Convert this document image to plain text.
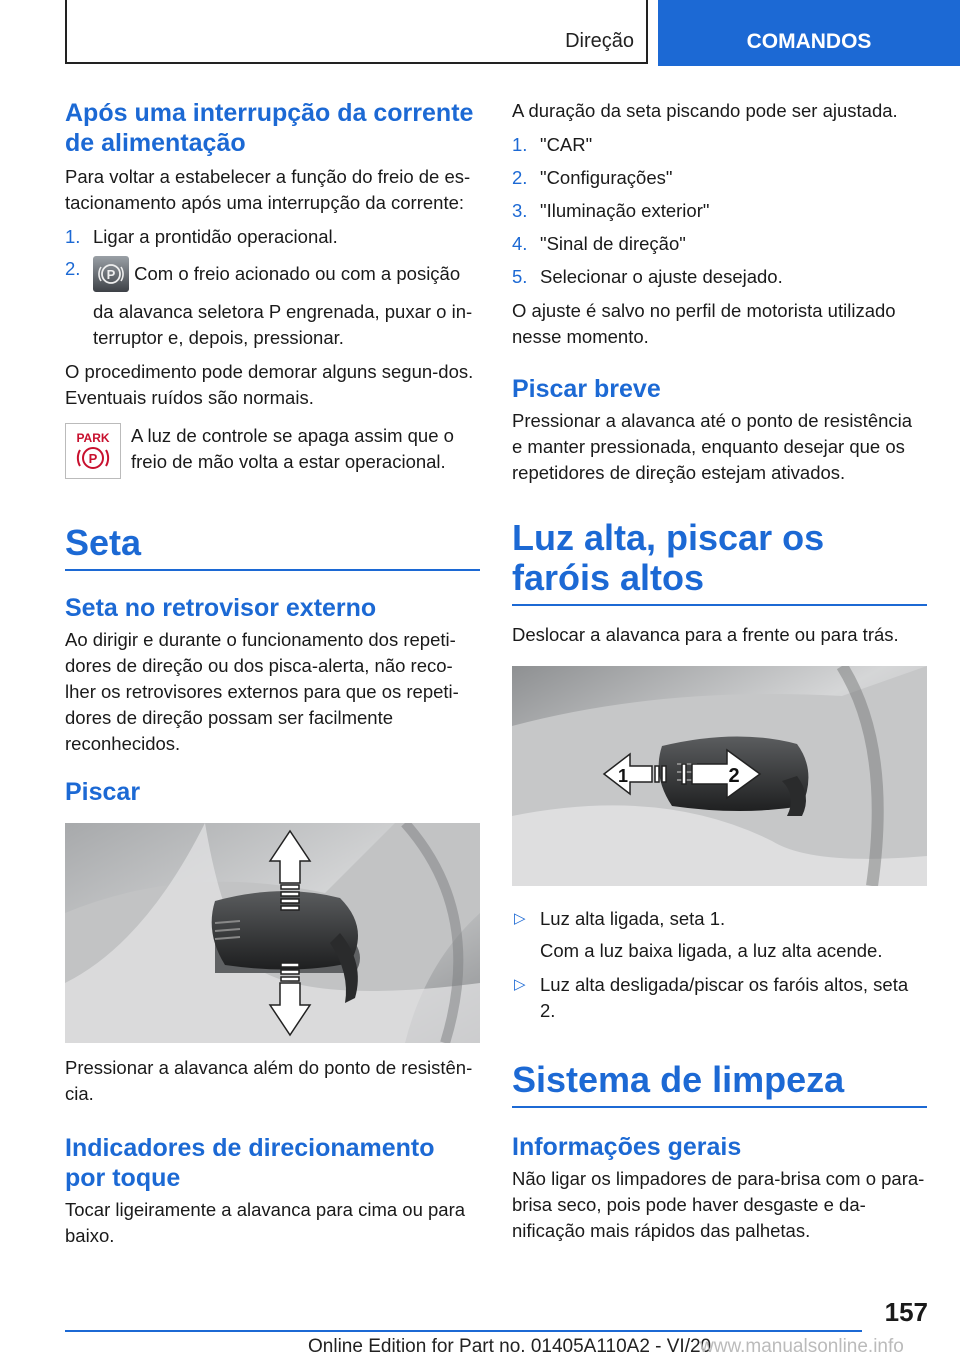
Direção	COMANDOS
Após uma interrupção da corrente de alimentação

Para voltar a estabelecer a função do freio de es-tacionamento após uma interrupção da corrente:

1. Ligar a prontidão operacional.
2. P Com o freio acionado ou com a posição da alavanca seletora P engrenada, puxar o in-terruptor e, depois, pressionar.

O procedimento pode demorar alguns segun-dos. Eventuais ruídos são normais.

PARK
P

A luz de controle se apaga assim que o freio de mão volta a estar operacional.

Seta
Seta no retrovisor externo

Ao dirigir e durante o funcionamento dos repeti-dores de direção ou dos pisca-alerta, não reco-lher os retrovisores externos para que os repeti-dores de direção possam ser facilmente reconhecidos.

Piscar

Pressionar a alavanca além do ponto de resistên-cia.

Indicadores de direcionamento por toque

Tocar ligeiramente a alavanca para cima ou para baixo.

A duração da seta piscando pode ser ajustada.

1. "CAR"
2. "Configurações"
3. "Iluminação exterior"
4. "Sinal de direção"
5. Selecionar o ajuste desejado.

O ajuste é salvo no perfil de motorista utilizado nesse momento.

Piscar breve

Pressionar a alavanca até o ponto de resistência e manter pressionada, enquanto desejar que os repetidores de direção estejam ativados.

Luz alta, piscar os faróis altos

Deslocar a alavanca para a frente ou para trás.

1	2
▷ Luz alta ligada, seta 1.
Com a luz baixa ligada, a luz alta acende.
▷ Luz alta desligada/piscar os faróis altos, seta 2.
Sistema de limpeza
Informações gerais

Não ligar os limpadores de para-brisa com o para-brisa seco, pois pode haver desgaste e da-nificação mais rápidos das palhetas.

157
Online Edition for Part no. 01405A110A2 - VI/20
www.manualsonline.info
